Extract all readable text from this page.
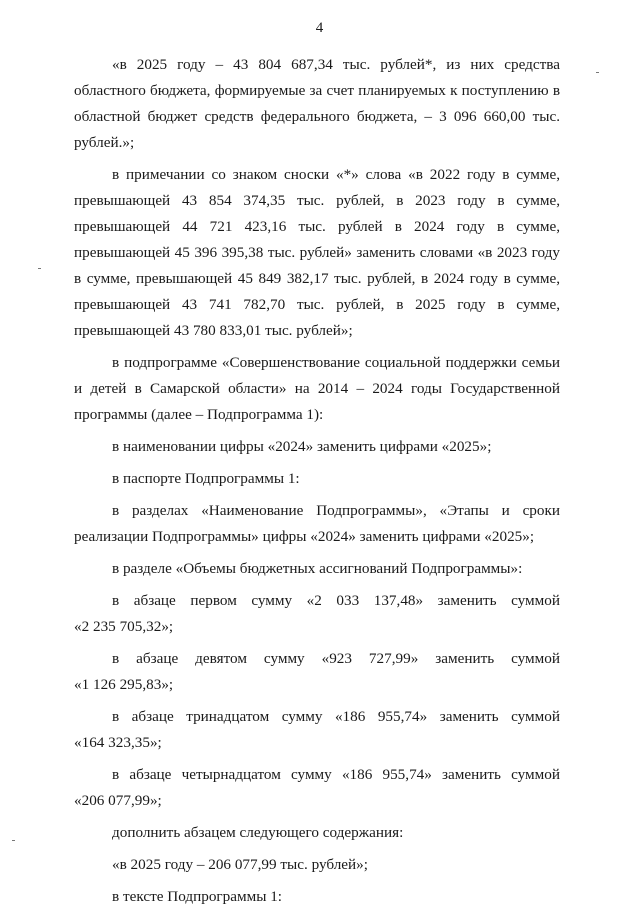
4
«в 2025 году – 43 804 687,34 тыс. рублей*, из них средства
областного бюджета, формируемые за счет планируемых к поступлению в
областной бюджет средств федерального бюджета, – 3 096 660,00 тыс.
рублей.»;
в примечании со знаком сноски «*» слова «в 2022 году в сумме,
превышающей 43 854 374,35 тыс. рублей, в 2023 году в сумме,
превышающей 44 721 423,16 тыс. рублей в 2024 году в сумме,
превышающей 45 396 395,38 тыс. рублей» заменить словами «в 2023 году
в сумме, превышающей 45 849 382,17 тыс. рублей, в 2024 году в сумме,
превышающей 43 741 782,70 тыс. рублей, в 2025 году в сумме,
превышающей 43 780 833,01 тыс. рублей»;
в подпрограмме «Совершенствование социальной поддержки семьи
и детей в Самарской области» на 2014 – 2024 годы Государственной
программы (далее – Подпрограмма 1):
в наименовании цифры «2024» заменить цифрами «2025»;
в паспорте Подпрограммы 1:
в разделах «Наименование Подпрограммы», «Этапы и сроки
реализации Подпрограммы» цифры «2024» заменить цифрами «2025»;
в разделе «Объемы бюджетных ассигнований Подпрограммы»:
в абзаце первом сумму «2 033 137,48» заменить суммой
«2 235 705,32»;
в абзаце девятом сумму «923 727,99» заменить суммой
«1 126 295,83»;
в абзаце тринадцатом сумму «186 955,74» заменить суммой
«164 323,35»;
в абзаце четырнадцатом сумму «186 955,74» заменить суммой
«206 077,99»;
дополнить абзацем следующего содержания:
«в 2025 году – 206 077,99 тыс. рублей»;
в тексте Подпрограммы 1:
